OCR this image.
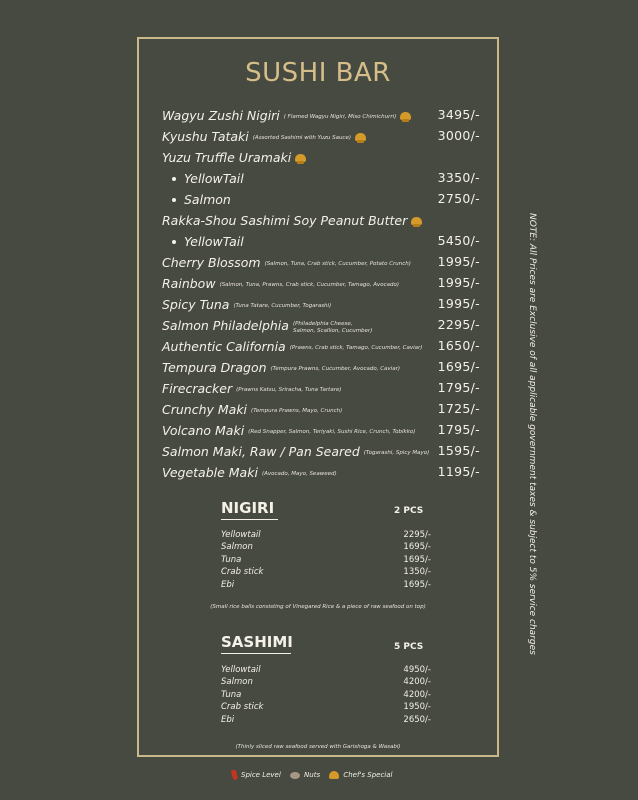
SUSHI BAR
Wagyu Zushi Nigiri ( Flamed Wagyu Nigiri, Miso Chimichurri)	3495/-
Kyushu Tataki (Assorted Sashimi with Yuzu Sauce)	3000/-
Yuzu Truffle Uramaki
YellowTail	3350/-
Salmon	2750/-
Rakka-Shou Sashimi Soy Peanut Butter
YellowTail	5450/-
Cherry Blossom (Salmon, Tuna, Crab stick, Cucumber, Potato Crunch) 1995/-
Rainbow (Salmon, Tuna, Prawns, Crab stick, Cucumber, Tamago, Avocado)	1995/-
Spicy Tuna (Tuna Tatare, Cucumber, Togarashi)	1995/-
Salmon Philadelphia (Philadelphia Cheese, Salmon, Scallion, Cucumber)	2295/-
Authentic California (Prawns, Crab stick, Tamago, Cucumber, Caviar) 1650/-
Tempura Dragon (Tempura Prawns, Cucumber, Avocado, Caviar)	1695/-
Firecracker (Prawns Katsu, Sriracha, Tuna Tartare)	1795/-
Crunchy Maki (Tempura Prawns, Mayo, Crunch)	1725/-
Volcano Maki (Red Snapper, Salmon, Teriyaki, Sushi Rice, Crunch, Tobikko) 1795/-
Salmon Maki, Raw / Pan Seared (Togarashi, Spicy Mayo) 1595/-
Vegetable Maki (Avocado, Mayo, Seaweed)	1195/-
NIGIRI	2 PCS
Yellowtail	2295/-
Salmon	1695/-
Tuna	1695/-
Crab stick	1350/-
Ebi	1695/-
(Small rice balls consisting of Vinegared Rice & a piece of raw seafood on top)
SASHIMI	5 PCS
Yellowtail	4950/-
Salmon	4200/-
Tuna	4200/-
Crab stick	1950/-
Ebi	2650/-
(Thinly sliced raw seafood served with Garishoga & Wasabi)
NOTE: All Prices are Exclusive of all applicable government taxes & subject to 5% service charges
Spice Level	Nuts	Chef's Special
